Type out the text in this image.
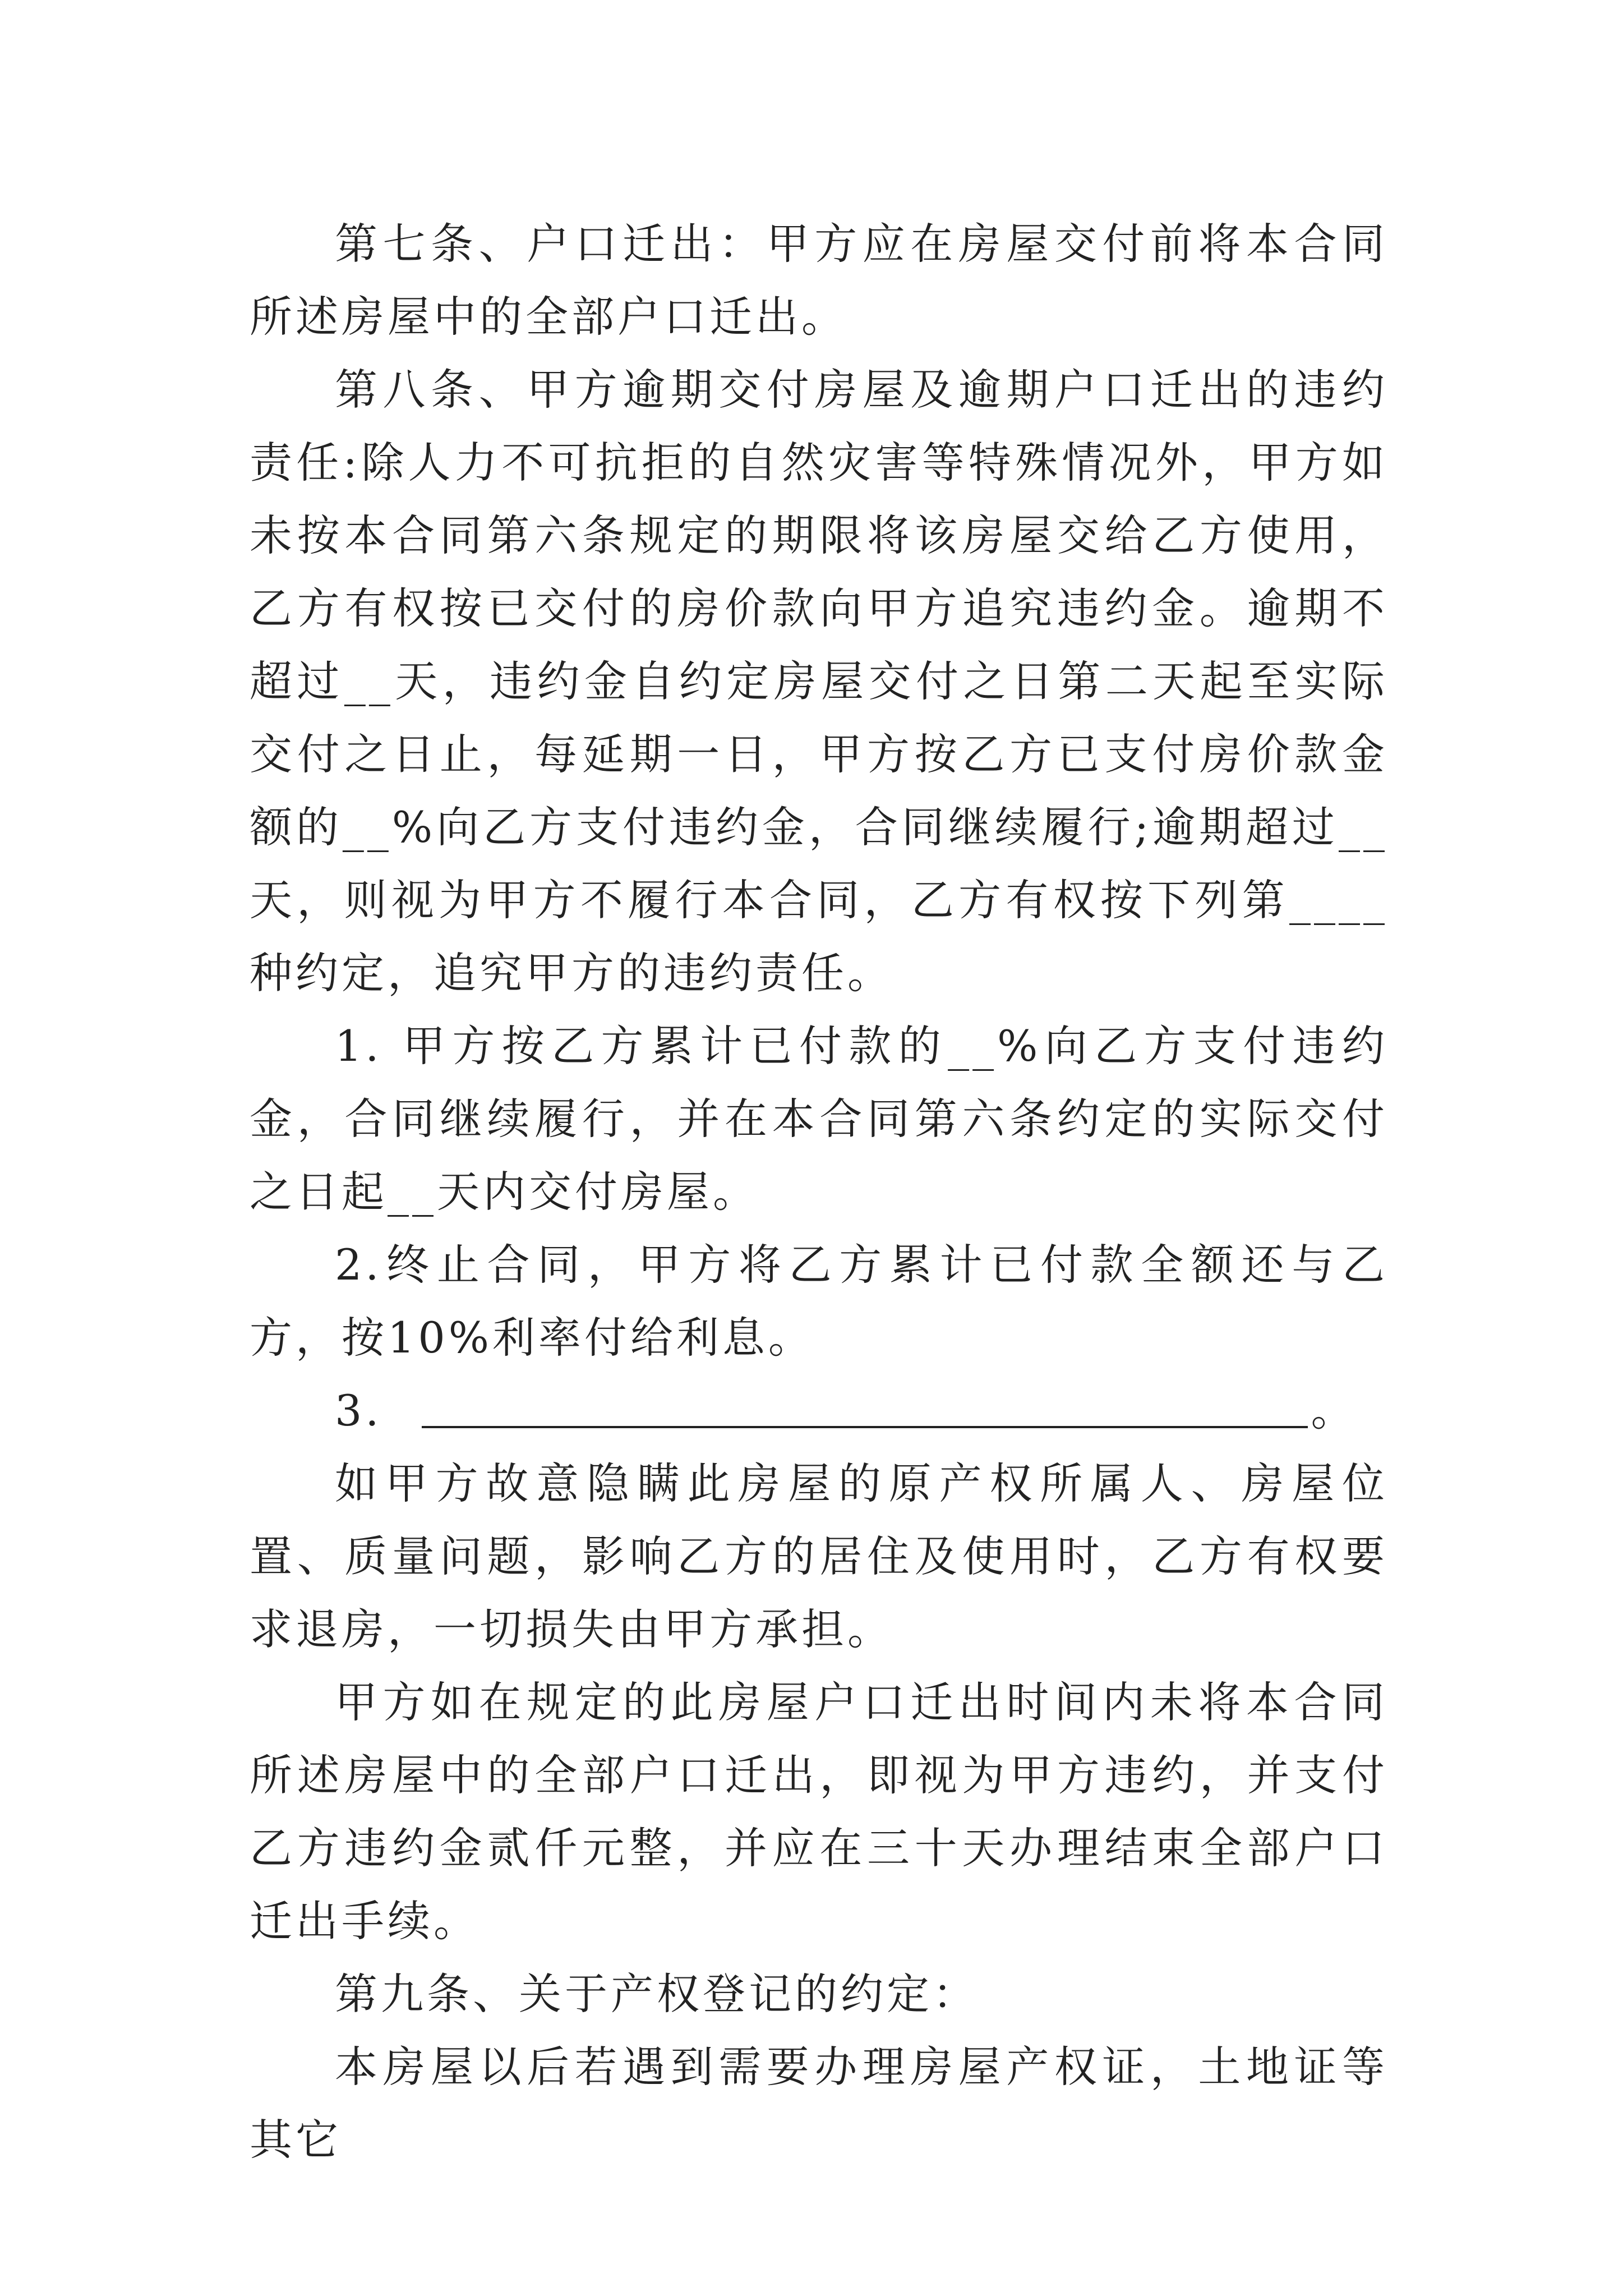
第七条、户口迁出：甲方应在房屋交付前将本合同所述房屋中的全部户口迁出。

第八条、甲方逾期交付房屋及逾期户口迁出的违约责任:除人力不可抗拒的自然灾害等特殊情况外，甲方如未按本合同第六条规定的期限将该房屋交给乙方使用，乙方有权按已交付的房价款向甲方追究违约金。逾期不超过__天，违约金自约定房屋交付之日第二天起至实际交付之日止，每延期一日，甲方按乙方已支付房价款金额的__%向乙方支付违约金，合同继续履行;逾期超过__天，则视为甲方不履行本合同，乙方有权按下列第____种约定，追究甲方的违约责任。

1. 甲方按乙方累计已付款的__%向乙方支付违约金，合同继续履行，并在本合同第六条约定的实际交付之日起__天内交付房屋。

2.终止合同，甲方将乙方累计已付款全额还与乙方，按10%利率付给利息。

3.	。

如甲方故意隐瞒此房屋的原产权所属人、房屋位置、质量问题，影响乙方的居住及使用时，乙方有权要求退房，一切损失由甲方承担。

甲方如在规定的此房屋户口迁出时间内未将本合同所述房屋中的全部户口迁出，即视为甲方违约，并支付乙方违约金贰仟元整，并应在三十天办理结束全部户口迁出手续。

第九条、关于产权登记的约定：

本房屋以后若遇到需要办理房屋产权证，土地证等其它
